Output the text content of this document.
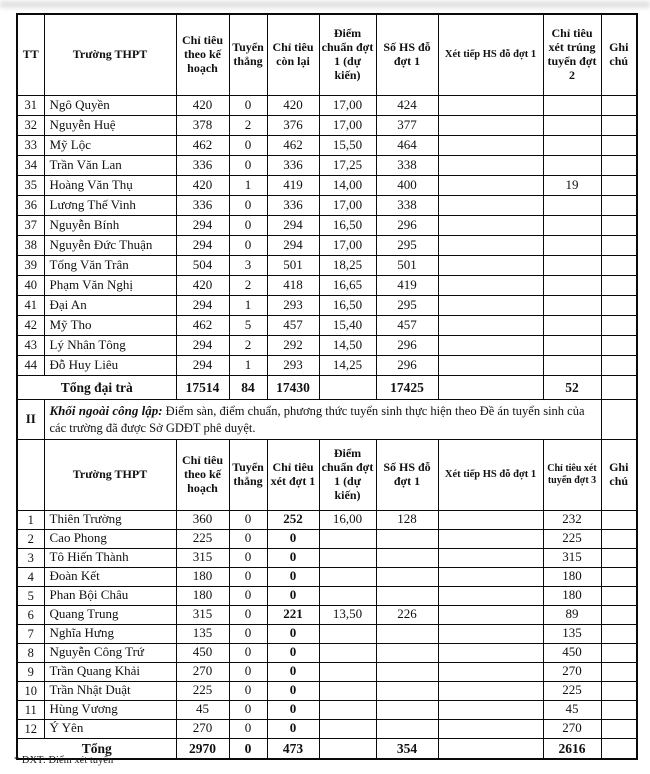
TT	Trường THPT	Chỉ tiêu theo kế hoạch	Tuyển thẳng	Chỉ tiêu còn lại	Điểm chuẩn đợt 1 (dự kiến)	Số HS đỗ đợt 1	Xét tiếp HS đỗ đợt 1	Chỉ tiêu xét trúng tuyển đợt 2	Ghi chú
31	Ngô Quyền	420	0	420	17,00	424			
32	Nguyễn Huệ	378	2	376	17,00	377			
33	Mỹ Lộc	462	0	462	15,50	464			
34	Trần Văn Lan	336	0	336	17,25	338			
35	Hoàng Văn Thụ	420	1	419	14,00	400		19	
36	Lương Thế Vinh	336	0	336	17,00	338			
37	Nguyễn Bính	294	0	294	16,50	296			
38	Nguyễn Đức Thuận	294	0	294	17,00	295			
39	Tống Văn Trân	504	3	501	18,25	501			
40	Phạm Văn Nghị	420	2	418	16,65	419			
41	Đại An	294	1	293	16,50	295			
42	Mỹ Tho	462	5	457	15,40	457			
43	Lý Nhân Tông	294	2	292	14,50	296			
44	Đỗ Huy Liêu	294	1	293	14,25	296			
Tổng đại trà		17514	84	17430		17425		52	
II	Khối ngoài công lập: Điểm sàn, điểm chuẩn, phương thức tuyển sinh thực hiện theo Đề án tuyển sinh của các trường đã được Sở GDĐT phê duyệt.								
	Trường THPT	Chỉ tiêu theo kế hoạch	Tuyển thẳng	Chỉ tiêu xét đợt 1	Điểm chuẩn đợt 1 (dự kiến)	Số HS đỗ đợt 1	Xét tiếp HS đỗ đợt 1	Chỉ tiêu xét tuyển đợt 3	Ghi chú
1	Thiên Trường	360	0	252	16,00	128		232	
2	Cao Phong	225	0	0				225	
3	Tô Hiến Thành	315	0	0				315	
4	Đoàn Kết	180	0	0				180	
5	Phan Bội Châu	180	0	0				180	
6	Quang Trung	315	0	221	13,50	226		89	
7	Nghĩa Hưng	135	0	0				135	
8	Nguyễn Công Trứ	450	0	0				450	
9	Trần Quang Khải	270	0	0				270	
10	Trần Nhật Duật	225	0	0				225	
11	Hùng Vương	45	0	0				45	
12	Ý Yên	270	0	0				270	
Tổng		2970	0	473		354		2616	
* ĐXT: Điểm xét tuyển
